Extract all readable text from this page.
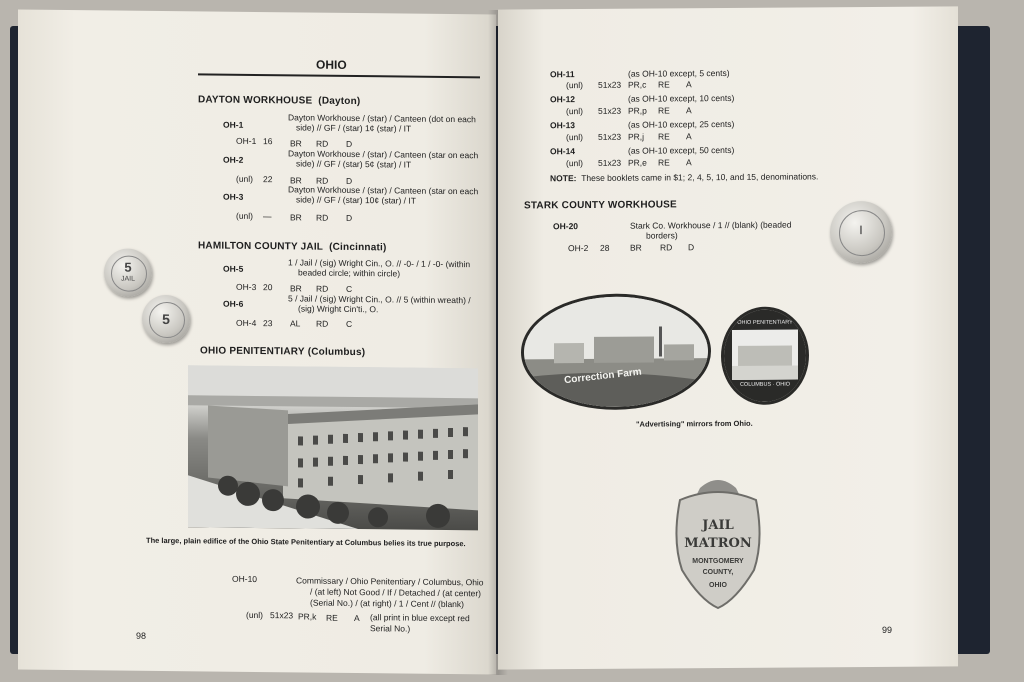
OHIO
DAYTON WORKHOUSE (Dayton)
OH-1
Dayton Workhouse / (star) / Canteen (dot on each
side) // GF / (star) 1¢ (star) / IT
OH-1 16 BR RD D
OH-2	Dayton Workhouse / (star) / Canteen (star on each
side) // GF / (star) 5¢ (star) / IT
(unl) 22 BR RD D
OH-3
Dayton Workhouse / (star) / Canteen (star on each
side) // GF / (star) 10¢ (star) / IT
(unl) — BR RD D
HAMILTON COUNTY JAIL (Cincinnati)
OH-5	1 / Jail / (sig) Wright Cin., O. // -0- / 1 / -0- (within
beaded circle; within circle)
OH-3 20 BR RD C
OH-6	5 / Jail / (sig) Wright Cin., O. // 5 (within wreath) /
(sig) Wright Cin'ti., O.
OH-4 23 AL RD C
5
JAIL
5
OHIO PENITENTIARY (Columbus)
The large, plain edifice of the Ohio State Penitentiary at Columbus belies its true purpose.
OH-10	Commissary / Ohio Penitentiary / Columbus, Ohio
/ (at left) Not Good / If / Detached / (at center)
(Serial No.) / (at right) / 1 / Cent // (blank)
(unl) 51x23 PR,k RE A (all print in blue except red
Serial No.)
98
OH-11	(as OH-10 except, 5 cents)
(unl) 51x23 PR,c RE A
OH-12	(as OH-10 except, 10 cents)
(unl) 51x23 PR,p RE A
OH-13	(as OH-10 except, 25 cents)
(unl) 51x23 PR,j RE A
OH-14	(as OH-10 except, 50 cents)
(unl) 51x23 PR,e RE A
NOTE: These booklets came in $1; 2, 4, 5, 10, and 15, denominations.
STARK COUNTY WORKHOUSE
OH-20	Stark Co. Workhouse / 1 // (blank) (beaded
borders)
OH-2 28 BR RD D
ı
Correction Farm
OHIO PENITENTIARY
COLUMBUS · OHIO
"Advertising" mirrors from Ohio.
99
JAIL
MATRON
MONTGOMERY
COUNTY,
OHIO
